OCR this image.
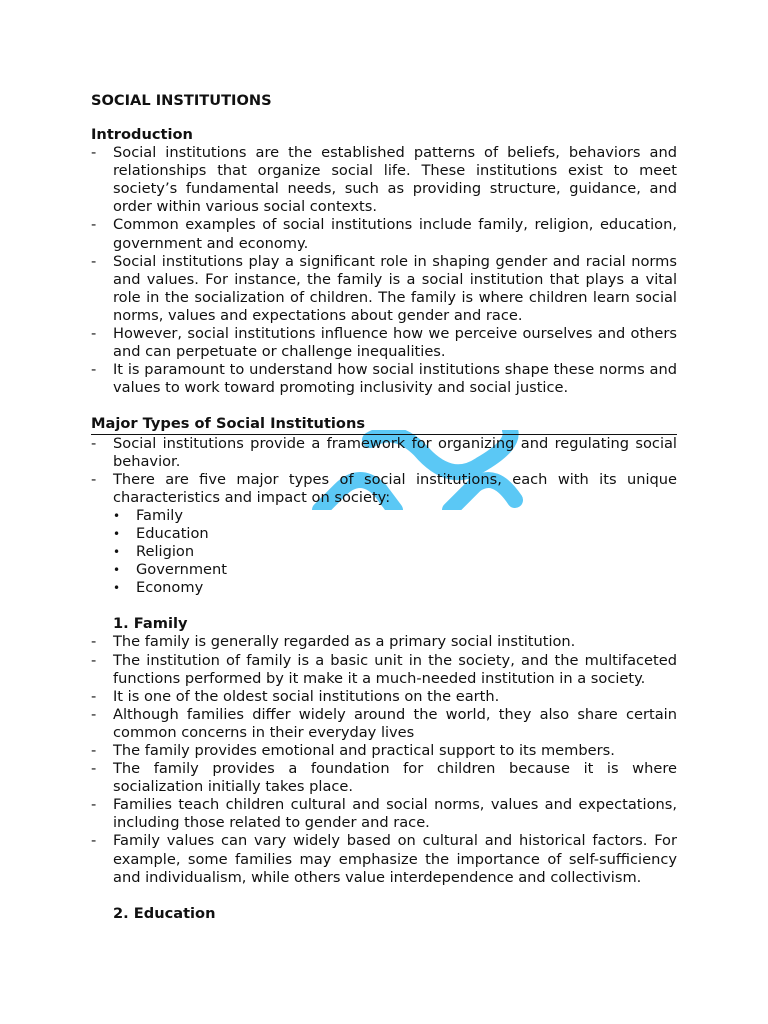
SOCIAL INSTITUTIONS

Introduction

- Social institutions are the established patterns of beliefs, behaviors and relationships that organize social life. These institutions exist to meet society’s fundamental needs, such as providing structure, guidance, and order within various social contexts.
- Common examples of social institutions include family, religion, education, government and economy.
- Social institutions play a significant role in shaping gender and racial norms and values. For instance, the family is a social institution that plays a vital role in the socialization of children. The family is where children learn social norms, values and expectations about gender and race.
- However, social institutions influence how we perceive ourselves and others and can perpetuate or challenge inequalities.
- It is paramount to understand how social institutions shape these norms and values to work toward promoting inclusivity and social justice.

Major Types of Social Institutions

- Social institutions provide a framework for organizing and regulating social behavior.
- There are five major types of social institutions, each with its unique characteristics and impact on society:
• Family
• Education
• Religion
• Government
• Economy

1. Family

- The family is generally regarded as a primary social institution.
- The institution of family is a basic unit in the society, and the multifaceted functions performed by it make it a much-needed institution in a society.
- It is one of the oldest social institutions on the earth.
- Although families differ widely around the world, they also share certain common concerns in their everyday lives
- The family provides emotional and practical support to its members.
- The family provides a foundation for children because it is where socialization initially takes place.
- Families teach children cultural and social norms, values and expectations, including those related to gender and race.
- Family values can vary widely based on cultural and historical factors. For example, some families may emphasize the importance of self-sufficiency and individualism, while others value interdependence and collectivism.

2. Education
